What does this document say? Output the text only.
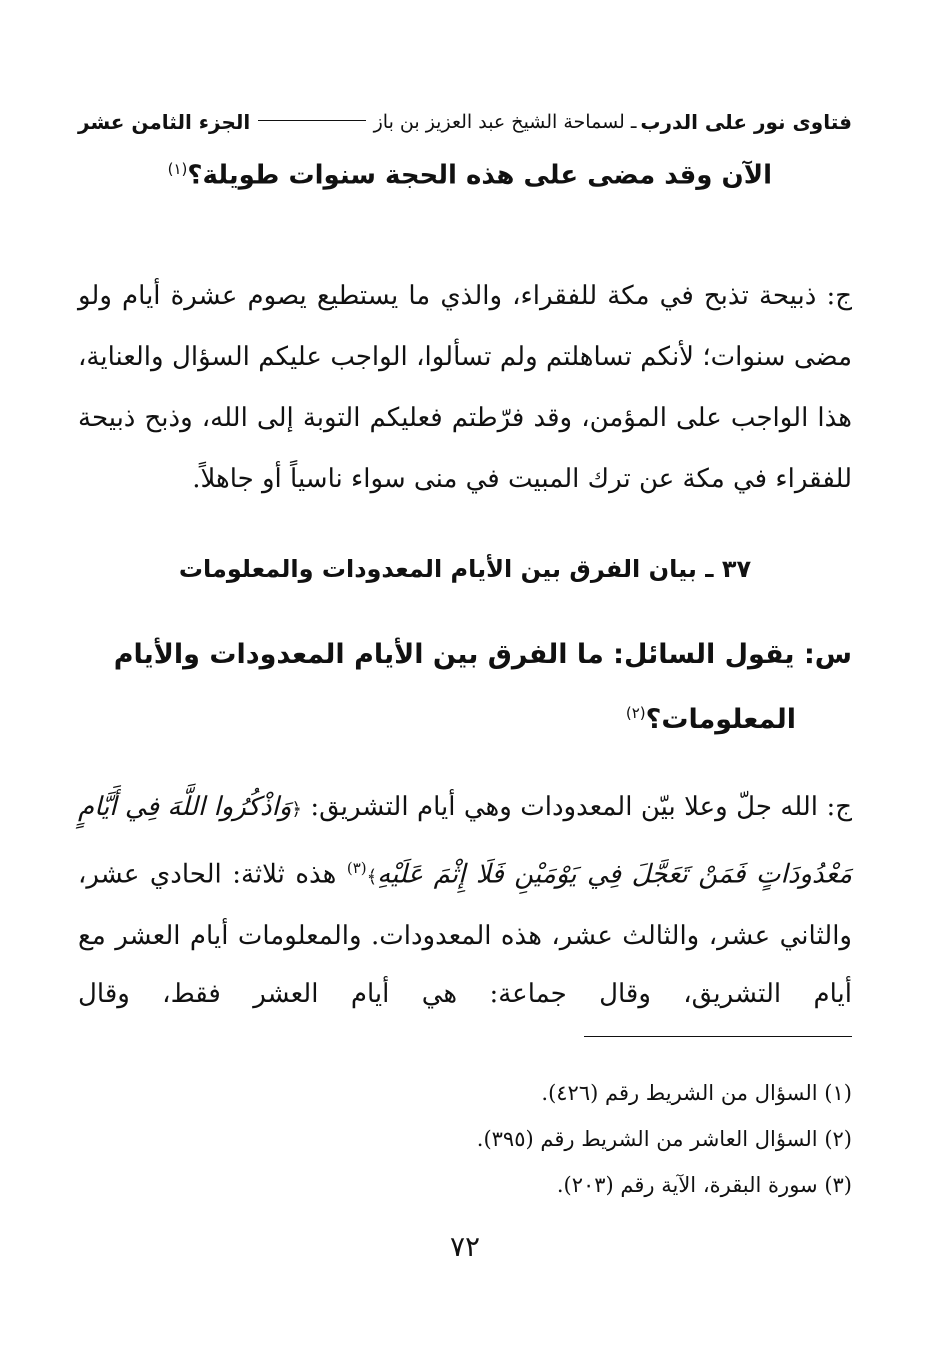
فتاوى نور على الدرب
ـ لسماحة الشيخ عبد العزيز بن باز
الجزء الثامن عشر
الآن وقد مضى على هذه الحجة سنوات طويلة؟$^{(١)}$

ج: ذبيحة تذبح في مكة للفقراء، والذي ما يستطيع يصوم عشرة أيام ولو مضى سنوات؛ لأنكم تساهلتم ولم تسألوا، الواجب عليكم السؤال والعناية، هذا الواجب على المؤمن، وقد فرّطتم فعليكم التوبة إلى الله، وذبح ذبيحة للفقراء في مكة عن ترك المبيت في منى سواء ناسياً أو جاهلاً.

٣٧ ـ بيان الفرق بين الأيام المعدودات والمعلومات
س: يقول السائل: ما الفرق بين الأيام المعدودات والأيام
المعلومات؟$^{(٢)}$

ج: الله جلّ وعلا بيّن المعدودات وهي أيام التشريق: ﴿وَاذْكُرُوا اللَّهَ فِي أَيَّامٍ مَعْدُودَاتٍ فَمَنْ تَعَجَّلَ فِي يَوْمَيْنِ فَلَا إِثْمَ عَلَيْهِ﴾$^{(٣)}$ هذه ثلاثة: الحادي عشر، والثاني عشر، والثالث عشر، هذه المعدودات. والمعلومات أيام العشر مع أيام التشريق، وقال جماعة: هي أيام العشر فقط، وقال

(١) السؤال من الشريط رقم (٤٢٦).
(٢) السؤال العاشر من الشريط رقم (٣٩٥).
(٣) سورة البقرة، الآية رقم (٢٠٣).
٧٢
